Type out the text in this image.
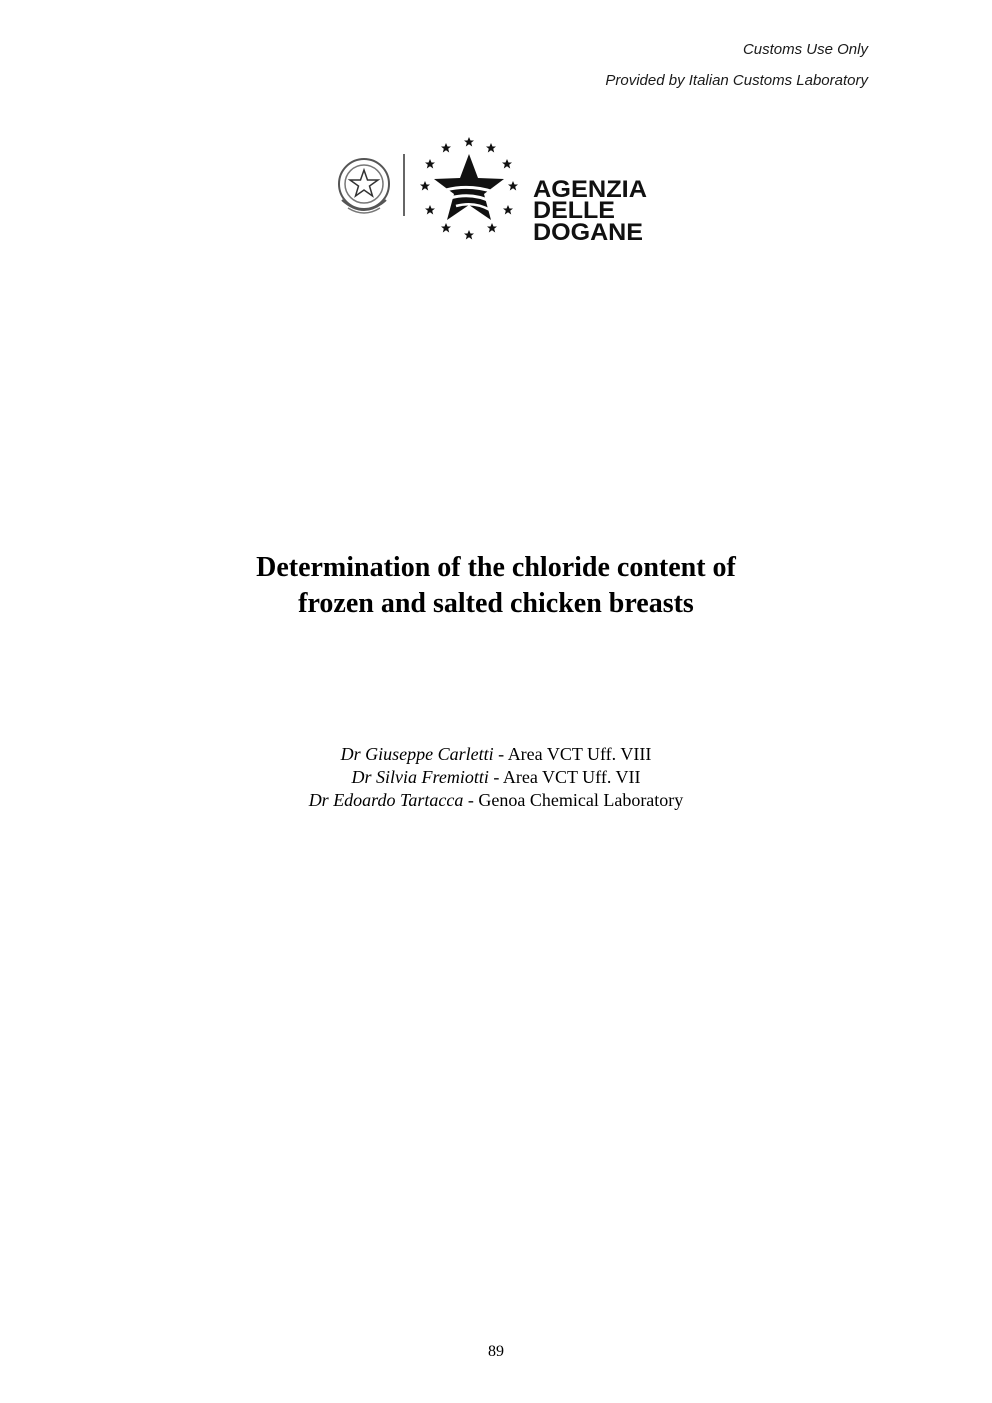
Customs Use Only
Provided by Italian Customs Laboratory
AGENZIA
DELLE
DOGANE
Determination of the chloride content of
frozen and salted chicken breasts
Dr Giuseppe Carletti - Area VCT Uff. VIII
Dr Silvia Fremiotti - Area VCT Uff. VII
Dr Edoardo Tartacca - Genoa Chemical Laboratory
89
